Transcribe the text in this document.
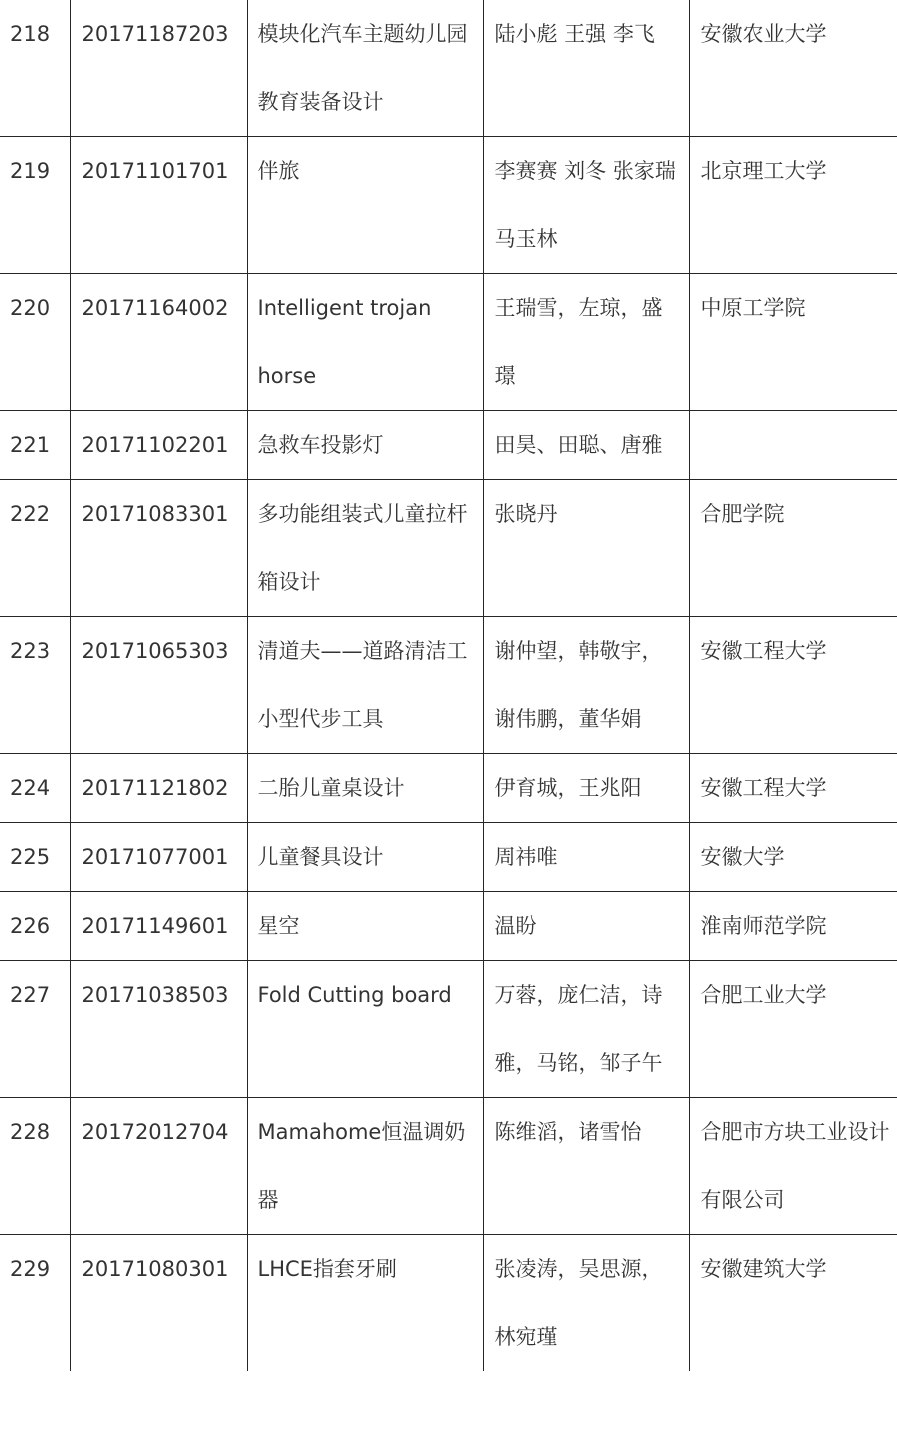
218	20171187203	模块化汽车主题幼儿园教育装备设计	陆小彪 王强 李飞	安徽农业大学
219	20171101701	伴旅	李赛赛 刘冬 张家瑞马玉林	北京理工大学
220	20171164002	Intelligent trojan horse	王瑞雪，左琼，盛璟	中原工学院
221	20171102201	急救车投影灯	田昊、田聪、唐雅	
222	20171083301	多功能组装式儿童拉杆箱设计	张晓丹	合肥学院
223	20171065303	清道夫——道路清洁工小型代步工具	谢仲望，韩敬宇，谢伟鹏，董华娟	安徽工程大学
224	20171121802	二胎儿童桌设计	伊育城，王兆阳	安徽工程大学
225	20171077001	儿童餐具设计	周祎唯	安徽大学
226	20171149601	星空	温盼	淮南师范学院
227	20171038503	Fold Cutting board	万蓉，庞仁洁，诗雅，马铭，邹子午	合肥工业大学
228	20172012704	Mamahome恒温调奶器	陈维滔，诸雪怡	合肥市方块工业设计有限公司
229	20171080301	LHCE指套牙刷	张凌涛，吴思源，林宛瑾	安徽建筑大学
